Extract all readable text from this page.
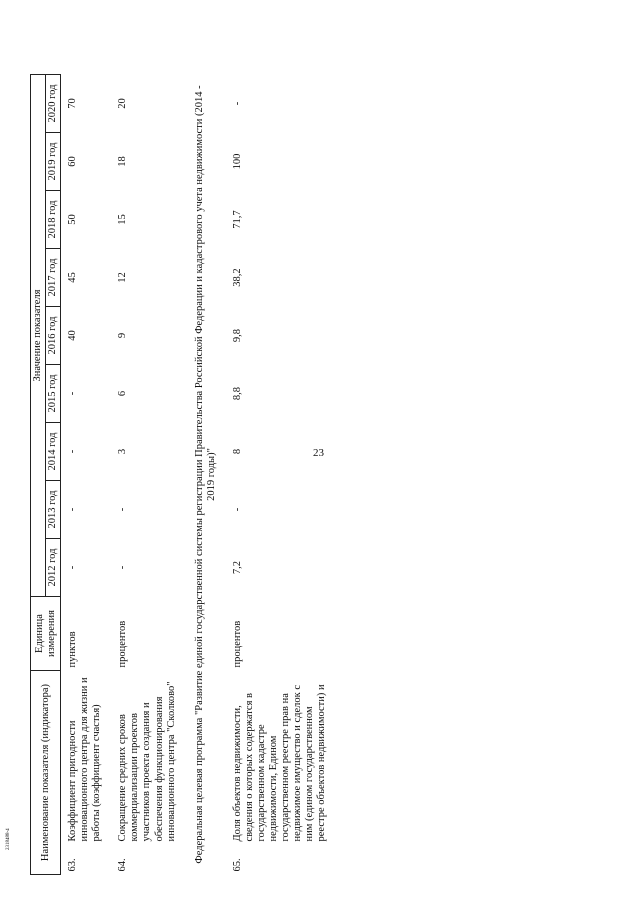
23
Наименование показателя (индикатора)		Единица измерения	Значение показателя								
			2012 год	2013 год	2014 год	2015 год	2016 год	2017 год	2018 год	2019 год	2020 год
63.	Коэффициент пригодности инновационного центра для жизни и работы (коэффициент счастья)	пунктов	-	-	-	-	40	45	50	60	70
64.	Сокращение средних сроков коммерциализации проектов участников проекта создания и обеспечения функционирования инновационного центра "Сколково"	процентов	-	-	3	6	9	12	15	18	20
Федеральная целевая программа "Развитие единой государственной системы регистрации Правительства Российской Федерации и кадастрового учета недвижимости (2014 - 2019 годы)"											
65.	Доля объектов недвижимости, сведения о которых содержатся в государственном кадастре недвижимости, Едином государственном реестре прав на недвижимое имущество и сделок с ним (едином государственном реестре объектов недвижимости) и	процентов	7,2	-	8	8,8	9,8	38,2	71,7	100	-
2318488-4
